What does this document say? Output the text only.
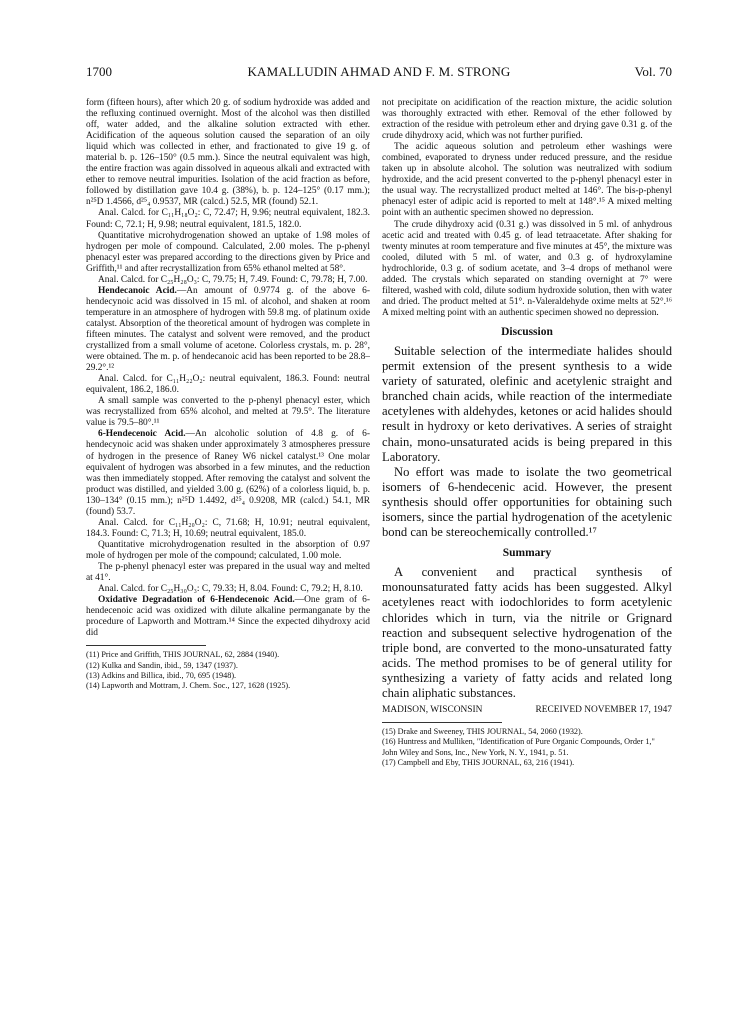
1700	KAMALLUDIN AHMAD AND F. M. STRONG	Vol. 70

form (fifteen hours), after which 20 g. of sodium hydroxide was added and the refluxing continued overnight. Most of the alcohol was then distilled off, water added, and the alkaline solution extracted with ether. Acidification of the aqueous solution caused the separation of an oily liquid which was collected in ether, and fractionated to give 19 g. of material b. p. 126–150° (0.5 mm.). Since the neutral equivalent was high, the entire fraction was again dissolved in aqueous alkali and extracted with ether to remove neutral impurities. Isolation of the acid fraction as before, followed by distillation gave 10.4 g. (38%), b. p. 124–125° (0.17 mm.); n²⁵D 1.4566, d²⁵₄ 0.9537, MR (calcd.) 52.5, MR (found) 52.1.

Anal. Calcd. for C₁₁H₁₈O₂: C, 72.47; H, 9.96; neutral equivalent, 182.3. Found: C, 72.1; H, 9.98; neutral equivalent, 181.5, 182.0.

Quantitative microhydrogenation showed an uptake of 1.98 moles of hydrogen per mole of compound. Calculated, 2.00 moles. The p-phenyl phenacyl ester was prepared according to the directions given by Price and Griffith,¹¹ and after recrystallization from 65% ethanol melted at 58°.

Anal. Calcd. for C₂₅H₂₈O₃: C, 79.75; H, 7.49. Found: C, 79.78; H, 7.00.

Hendecanoic Acid.—An amount of 0.9774 g. of the above 6-hendecynoic acid was dissolved in 15 ml. of alcohol, and shaken at room temperature in an atmosphere of hydrogen with 59.8 mg. of platinum oxide catalyst. Absorption of the theoretical amount of hydrogen was complete in fifteen minutes. The catalyst and solvent were removed, and the product crystallized from a small volume of acetone. Colorless crystals, m. p. 28°, were obtained. The m. p. of hendecanoic acid has been reported to be 28.8–29.2°.¹²

Anal. Calcd. for C₁₁H₂₂O₂: neutral equivalent, 186.3. Found: neutral equivalent, 186.2, 186.0.

A small sample was converted to the p-phenyl phenacyl ester, which was recrystallized from 65% alcohol, and melted at 79.5°. The literature value is 79.5–80°.¹¹

6-Hendecenoic Acid.—An alcoholic solution of 4.8 g. of 6-hendecynoic acid was shaken under approximately 3 atmospheres pressure of hydrogen in the presence of Raney W6 nickel catalyst.¹³ One molar equivalent of hydrogen was absorbed in a few minutes, and the reduction was then immediately stopped. After removing the catalyst and solvent the product was distilled, and yielded 3.00 g. (62%) of a colorless liquid, b. p. 130–134° (0.15 mm.); n²⁵D 1.4492, d²⁵₄ 0.9208, MR (calcd.) 54.1, MR (found) 53.7.

Anal. Calcd. for C₁₁H₂₀O₂: C, 71.68; H, 10.91; neutral equivalent, 184.3. Found: C, 71.3; H, 10.69; neutral equivalent, 185.0.

Quantitative microhydrogenation resulted in the absorption of 0.97 mole of hydrogen per mole of the compound; calculated, 1.00 mole.

The p-phenyl phenacyl ester was prepared in the usual way and melted at 41°.

Anal. Calcd. for C₂₅H₃₀O₃: C, 79.33; H, 8.04. Found: C, 79.2; H, 8.10.

Oxidative Degradation of 6-Hendecenoic Acid.—One gram of 6-hendecenoic acid was oxidized with dilute alkaline permanganate by the procedure of Lapworth and Mottram.¹⁴ Since the expected dihydroxy acid did

(11) Price and Griffith, THIS JOURNAL, 62, 2884 (1940).

(12) Kulka and Sandin, ibid., 59, 1347 (1937).

(13) Adkins and Billica, ibid., 70, 695 (1948).

(14) Lapworth and Mottram, J. Chem. Soc., 127, 1628 (1925).

not precipitate on acidification of the reaction mixture, the acidic solution was thoroughly extracted with ether. Removal of the ether followed by extraction of the residue with petroleum ether and drying gave 0.31 g. of the crude dihydroxy acid, which was not further purified.

The acidic aqueous solution and petroleum ether washings were combined, evaporated to dryness under reduced pressure, and the residue taken up in absolute alcohol. The solution was neutralized with sodium hydroxide, and the acid present converted to the p-phenyl phenacyl ester in the usual way. The recrystallized product melted at 146°. The bis-p-phenyl phenacyl ester of adipic acid is reported to melt at 148°.¹⁵ A mixed melting point with an authentic specimen showed no depression.

The crude dihydroxy acid (0.31 g.) was dissolved in 5 ml. of anhydrous acetic acid and treated with 0.45 g. of lead tetraacetate. After shaking for twenty minutes at room temperature and five minutes at 45°, the mixture was cooled, diluted with 5 ml. of water, and 0.3 g. of hydroxylamine hydrochloride, 0.3 g. of sodium acetate, and 3–4 drops of methanol were added. The crystals which separated on standing overnight at 7° were filtered, washed with cold, dilute sodium hydroxide solution, then with water and dried. The product melted at 51°. n-Valeraldehyde oxime melts at 52°.¹⁶ A mixed melting point with an authentic specimen showed no depression.

Discussion

Suitable selection of the intermediate halides should permit extension of the present synthesis to a wide variety of saturated, olefinic and acetylenic straight and branched chain acids, while reaction of the intermediate acetylenes with aldehydes, ketones or acid halides should result in hydroxy or keto derivatives. A series of straight chain, mono-unsaturated acids is being prepared in this Laboratory.

No effort was made to isolate the two geometrical isomers of 6-hendecenic acid. However, the present synthesis should offer opportunities for obtaining such isomers, since the partial hydrogenation of the acetylenic bond can be stereochemically controlled.¹⁷

Summary

A convenient and practical synthesis of monounsaturated fatty acids has been suggested. Alkyl acetylenes react with iodochlorides to form acetylenic chlorides which in turn, via the nitrile or Grignard reaction and subsequent selective hydrogenation of the triple bond, are converted to the mono-unsaturated fatty acids. The method promises to be of general utility for synthesizing a variety of fatty acids and related long chain aliphatic substances.

MADISON, WISCONSIN	RECEIVED NOVEMBER 17, 1947

(15) Drake and Sweeney, THIS JOURNAL, 54, 2060 (1932).

(16) Huntress and Mulliken, "Identification of Pure Organic Compounds, Order 1," John Wiley and Sons, Inc., New York, N. Y., 1941, p. 51.

(17) Campbell and Eby, THIS JOURNAL, 63, 216 (1941).
